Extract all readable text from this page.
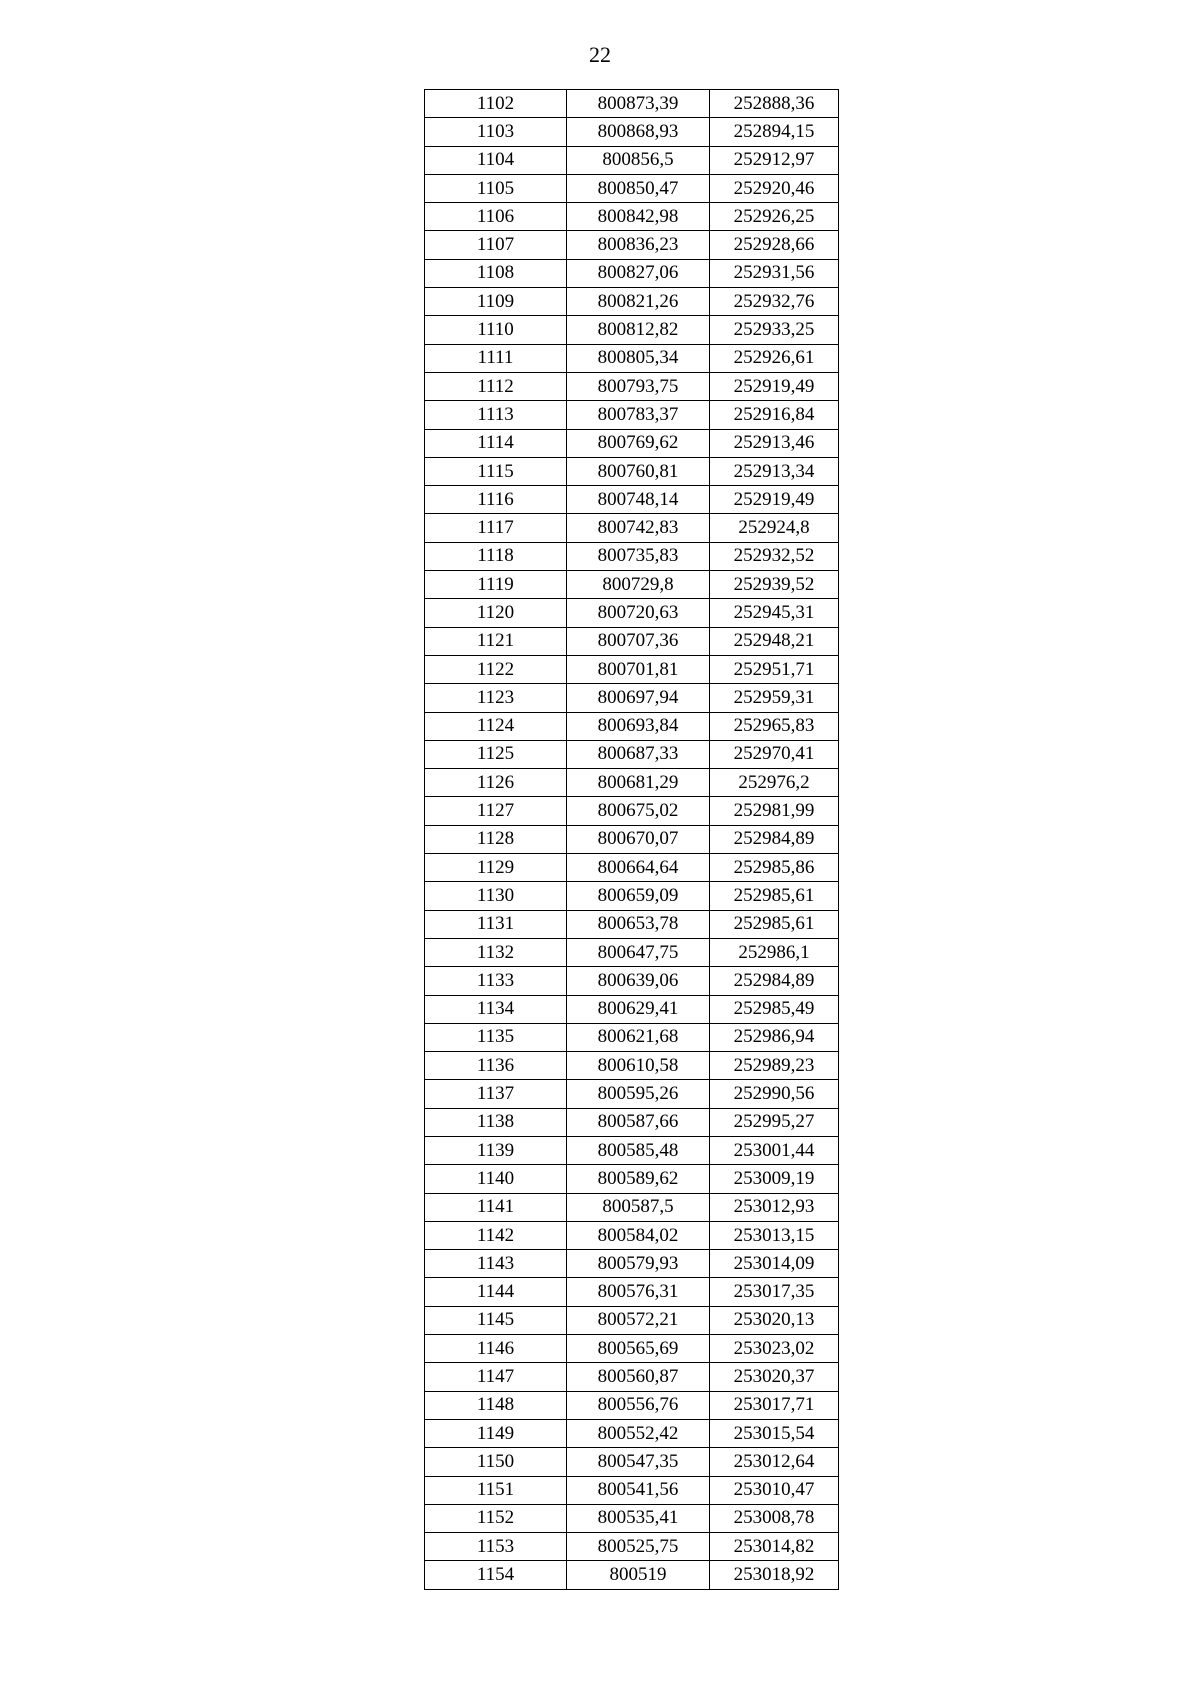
22
1102	800873,39	252888,36
1103	800868,93	252894,15
1104	800856,5	252912,97
1105	800850,47	252920,46
1106	800842,98	252926,25
1107	800836,23	252928,66
1108	800827,06	252931,56
1109	800821,26	252932,76
1110	800812,82	252933,25
1111	800805,34	252926,61
1112	800793,75	252919,49
1113	800783,37	252916,84
1114	800769,62	252913,46
1115	800760,81	252913,34
1116	800748,14	252919,49
1117	800742,83	252924,8
1118	800735,83	252932,52
1119	800729,8	252939,52
1120	800720,63	252945,31
1121	800707,36	252948,21
1122	800701,81	252951,71
1123	800697,94	252959,31
1124	800693,84	252965,83
1125	800687,33	252970,41
1126	800681,29	252976,2
1127	800675,02	252981,99
1128	800670,07	252984,89
1129	800664,64	252985,86
1130	800659,09	252985,61
1131	800653,78	252985,61
1132	800647,75	252986,1
1133	800639,06	252984,89
1134	800629,41	252985,49
1135	800621,68	252986,94
1136	800610,58	252989,23
1137	800595,26	252990,56
1138	800587,66	252995,27
1139	800585,48	253001,44
1140	800589,62	253009,19
1141	800587,5	253012,93
1142	800584,02	253013,15
1143	800579,93	253014,09
1144	800576,31	253017,35
1145	800572,21	253020,13
1146	800565,69	253023,02
1147	800560,87	253020,37
1148	800556,76	253017,71
1149	800552,42	253015,54
1150	800547,35	253012,64
1151	800541,56	253010,47
1152	800535,41	253008,78
1153	800525,75	253014,82
1154	800519	253018,92
